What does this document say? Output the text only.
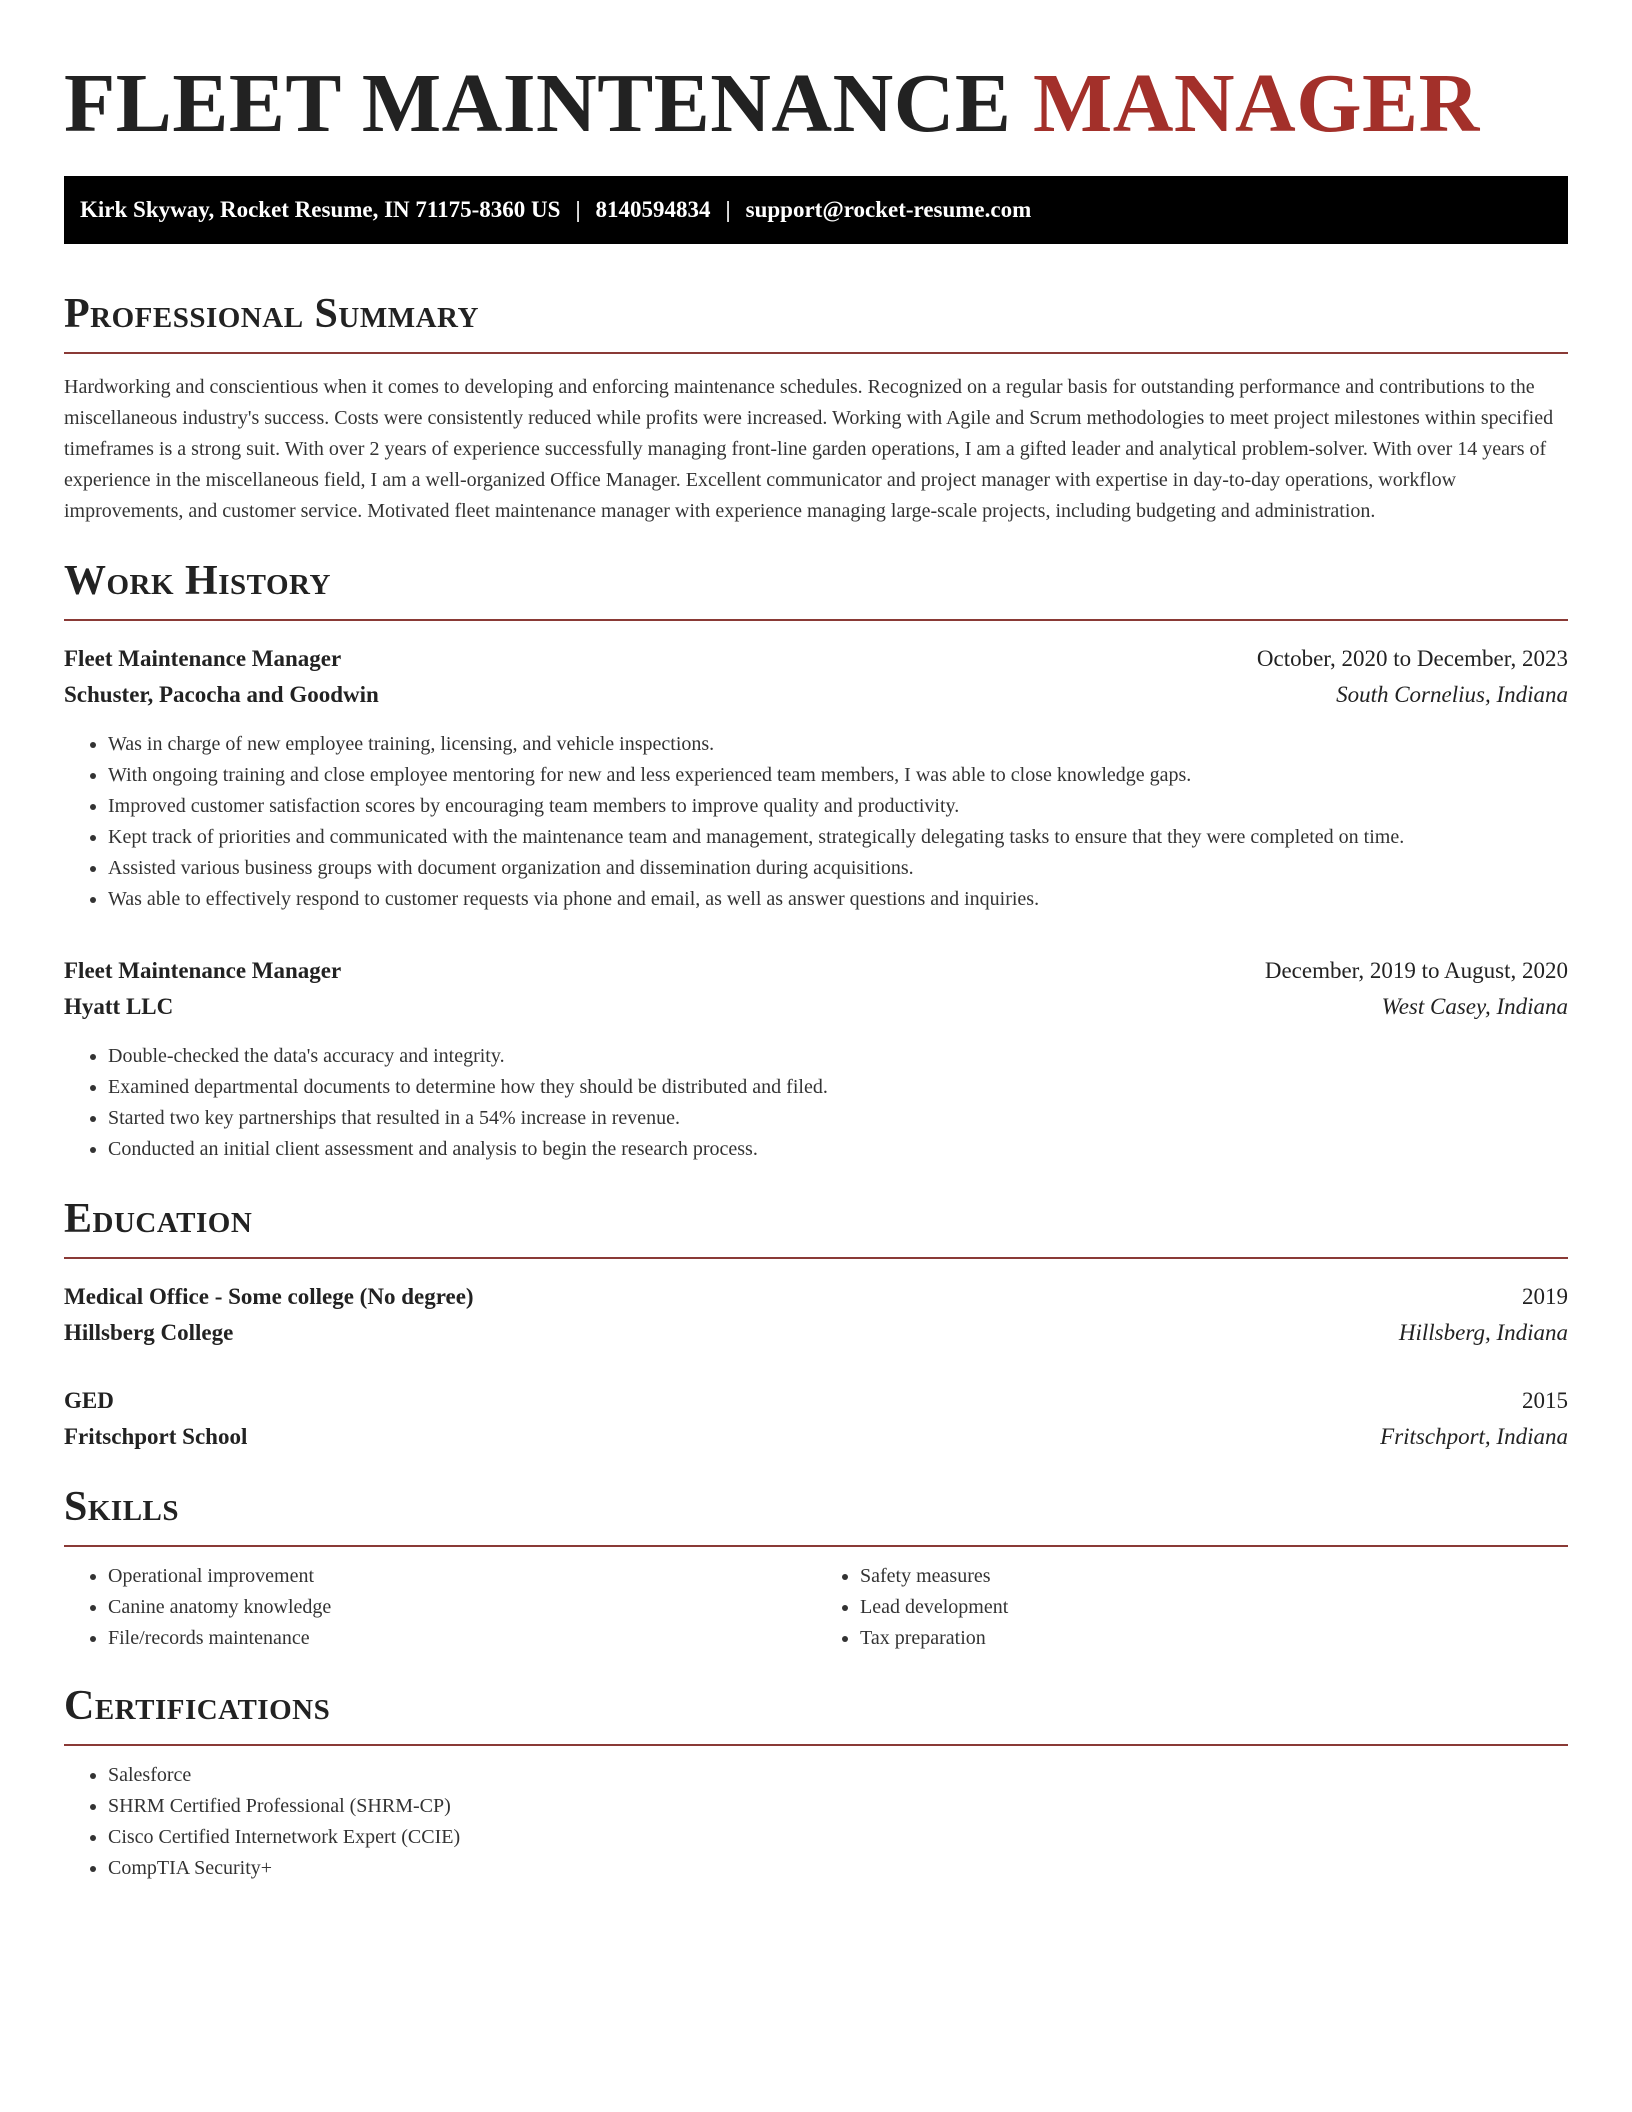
FLEET MAINTENANCE MANAGER
Kirk Skyway, Rocket Resume, IN 71175-8360 US | 8140594834 | support@rocket-resume.com
Professional Summary

Hardworking and conscientious when it comes to developing and enforcing maintenance schedules. Recognized on a regular basis for outstanding performance and contributions to the miscellaneous industry's success. Costs were consistently reduced while profits were increased. Working with Agile and Scrum methodologies to meet project milestones within specified timeframes is a strong suit. With over 2 years of experience successfully managing front-line garden operations, I am a gifted leader and analytical problem-solver. With over 14 years of experience in the miscellaneous field, I am a well-organized Office Manager. Excellent communicator and project manager with expertise in day-to-day operations, workflow improvements, and customer service. Motivated fleet maintenance manager with experience managing large-scale projects, including budgeting and administration.

Work History
Fleet Maintenance Manager	October, 2020 to December, 2023
Schuster, Pacocha and Goodwin	South Cornelius, Indiana
• Was in charge of new employee training, licensing, and vehicle inspections.
• With ongoing training and close employee mentoring for new and less experienced team members, I was able to close knowledge gaps.
• Improved customer satisfaction scores by encouraging team members to improve quality and productivity.
• Kept track of priorities and communicated with the maintenance team and management, strategically delegating tasks to ensure that they were completed on time.
• Assisted various business groups with document organization and dissemination during acquisitions.
• Was able to effectively respond to customer requests via phone and email, as well as answer questions and inquiries.
Fleet Maintenance Manager	December, 2019 to August, 2020
Hyatt LLC	West Casey, Indiana
• Double-checked the data's accuracy and integrity.
• Examined departmental documents to determine how they should be distributed and filed.
• Started two key partnerships that resulted in a 54% increase in revenue.
• Conducted an initial client assessment and analysis to begin the research process.
Education
Medical Office - Some college (No degree)	2019
Hillsberg College	Hillsberg, Indiana
GED	2015
Fritschport School	Fritschport, Indiana
Skills
• Operational improvement
• Canine anatomy knowledge
• File/records maintenance
• Safety measures
• Lead development
• Tax preparation
Certifications
• Salesforce
• SHRM Certified Professional (SHRM-CP)
• Cisco Certified Internetwork Expert (CCIE)
• CompTIA Security+
